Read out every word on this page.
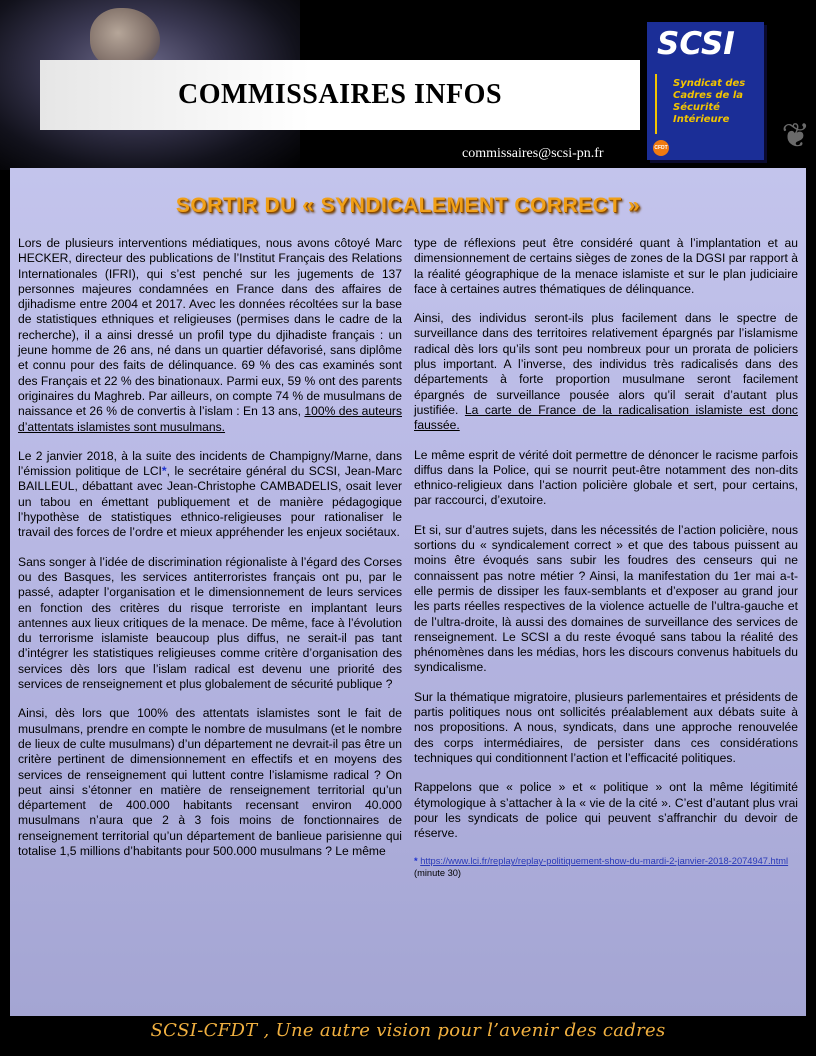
COMMISSAIRES INFOS
SCSI
Syndicat des
Cadres de la
Sécurité
Intérieure
CFDT	❦
commissaires@scsi-pn.fr
SORTIR DU « SYNDICALEMENT CORRECT »

Lors de plusieurs interventions médiatiques, nous avons côtoyé Marc HECKER, directeur des publications de l’Institut Français des Relations Internationales (IFRI), qui s’est penché sur les jugements de 137 personnes majeures condamnées en France dans des affaires de djihadisme entre 2004 et 2017. Avec les données récoltées sur la base de statistiques ethniques et religieuses (permises dans le cadre de la recherche), il a ainsi dressé un profil type du djihadiste français : un jeune homme de 26 ans, né dans un quartier défavorisé, sans diplôme et connu pour des faits de délinquance. 69 % des cas examinés sont des Français et 22 % des binationaux. Parmi eux, 59 % ont des parents originaires du Maghreb. Par ailleurs, on compte 74 % de musulmans de naissance et 26 % de convertis à l’islam : En 13 ans, 100% des auteurs d’attentats islamistes sont musulmans.

Le 2 janvier 2018, à la suite des incidents de Champigny/Marne, dans l’émission politique de LCI*, le secrétaire général du SCSI, Jean-Marc BAILLEUL, débattant avec Jean-Christophe CAMBADELIS, osait lever un tabou en émettant publiquement et de manière pédagogique l’hypothèse de statistiques ethnico-religieuses pour rationaliser le travail des forces de l’ordre et mieux appréhender les enjeux sociétaux.

Sans songer à l’idée de discrimination régionaliste à l’égard des Corses ou des Basques, les services antiterroristes français ont pu, par le passé, adapter l’organisation et le dimensionnement de leurs services en fonction des critères du risque terroriste en implantant leurs antennes aux lieux critiques de la menace. De même, face à l’évolution du terrorisme islamiste beaucoup plus diffus, ne serait-il pas tant d’intégrer les statistiques religieuses comme critère d’organisation des services dès lors que l’islam radical est devenu une priorité des services de renseignement et plus globalement de sécurité publique ?

Ainsi, dès lors que 100% des attentats islamistes sont le fait de musulmans, prendre en compte le nombre de musulmans (et le nombre de lieux de culte musulmans) d’un département ne devrait-il pas être un critère pertinent de dimensionnement en effectifs et en moyens des services de renseignement qui luttent contre l’islamisme radical ? On peut ainsi s’étonner en matière de renseignement territorial qu’un département de 400.000 habitants recensant environ 40.000 musulmans n’aura que 2 à 3 fois moins de fonctionnaires de renseignement territorial qu’un département de banlieue parisienne qui totalise 1,5 millions d’habitants pour 500.000 musulmans ? Le même

type de réflexions peut être considéré quant à l’implantation et au dimensionnement de certains sièges de zones de la DGSI par rapport à la réalité géographique de la menace islamiste et sur le plan judiciaire face à certaines autres thématiques de délinquance.

Ainsi, des individus seront-ils plus facilement dans le spectre de surveillance dans des territoires relativement épargnés par l’islamisme radical dès lors qu’ils sont peu nombreux pour un prorata de policiers plus important. A l’inverse, des individus très radicalisés dans des départements à forte proportion musulmane seront facilement épargnés de surveillance pousée alors qu’il serait d’autant plus justifiée. La carte de France de la radicalisation islamiste est donc faussée.

Le même esprit de vérité doit permettre de dénoncer le racisme parfois diffus dans la Police, qui se nourrit peut-être notamment des non-dits ethnico-religieux dans l’action policière globale et sert, pour certains, par raccourci, d’exutoire.

Et si, sur d’autres sujets, dans les nécessités de l’action policière, nous sortions du « syndicalement correct » et que des tabous puissent au moins être évoqués sans subir les foudres des censeurs qui ne connaissent pas notre métier ? Ainsi, la manifestation du 1er mai a-t-elle permis de dissiper les faux-semblants et d’exposer au grand jour les parts réelles respectives de la violence actuelle de l’ultra-gauche et de l’ultra-droite, là aussi des domaines de surveillance des services de renseignement. Le SCSI a du reste évoqué sans tabou la réalité des phénomènes dans les médias, hors les discours convenus habituels du syndicalisme.

Sur la thématique migratoire, plusieurs parlementaires et présidents de partis politiques nous ont sollicités préalablement aux débats suite à nos propositions. A nous, syndicats, dans une approche renouvelée des corps intermédiaires, de persister dans ces considérations techniques qui conditionnent l’action et l’efficacité politiques.

Rappelons que « police » et « politique » ont la même légitimité étymologique à s’attacher à la « vie de la cité ». C’est d’autant plus vrai pour les syndicats de police qui peuvent s’affranchir du devoir de réserve.

* https://www.lci.fr/replay/replay-politiquement-show-du-mardi-2-janvier-2018-2074947.html (minute 30)
SCSI-CFDT , Une autre vision pour l’avenir des cadres
